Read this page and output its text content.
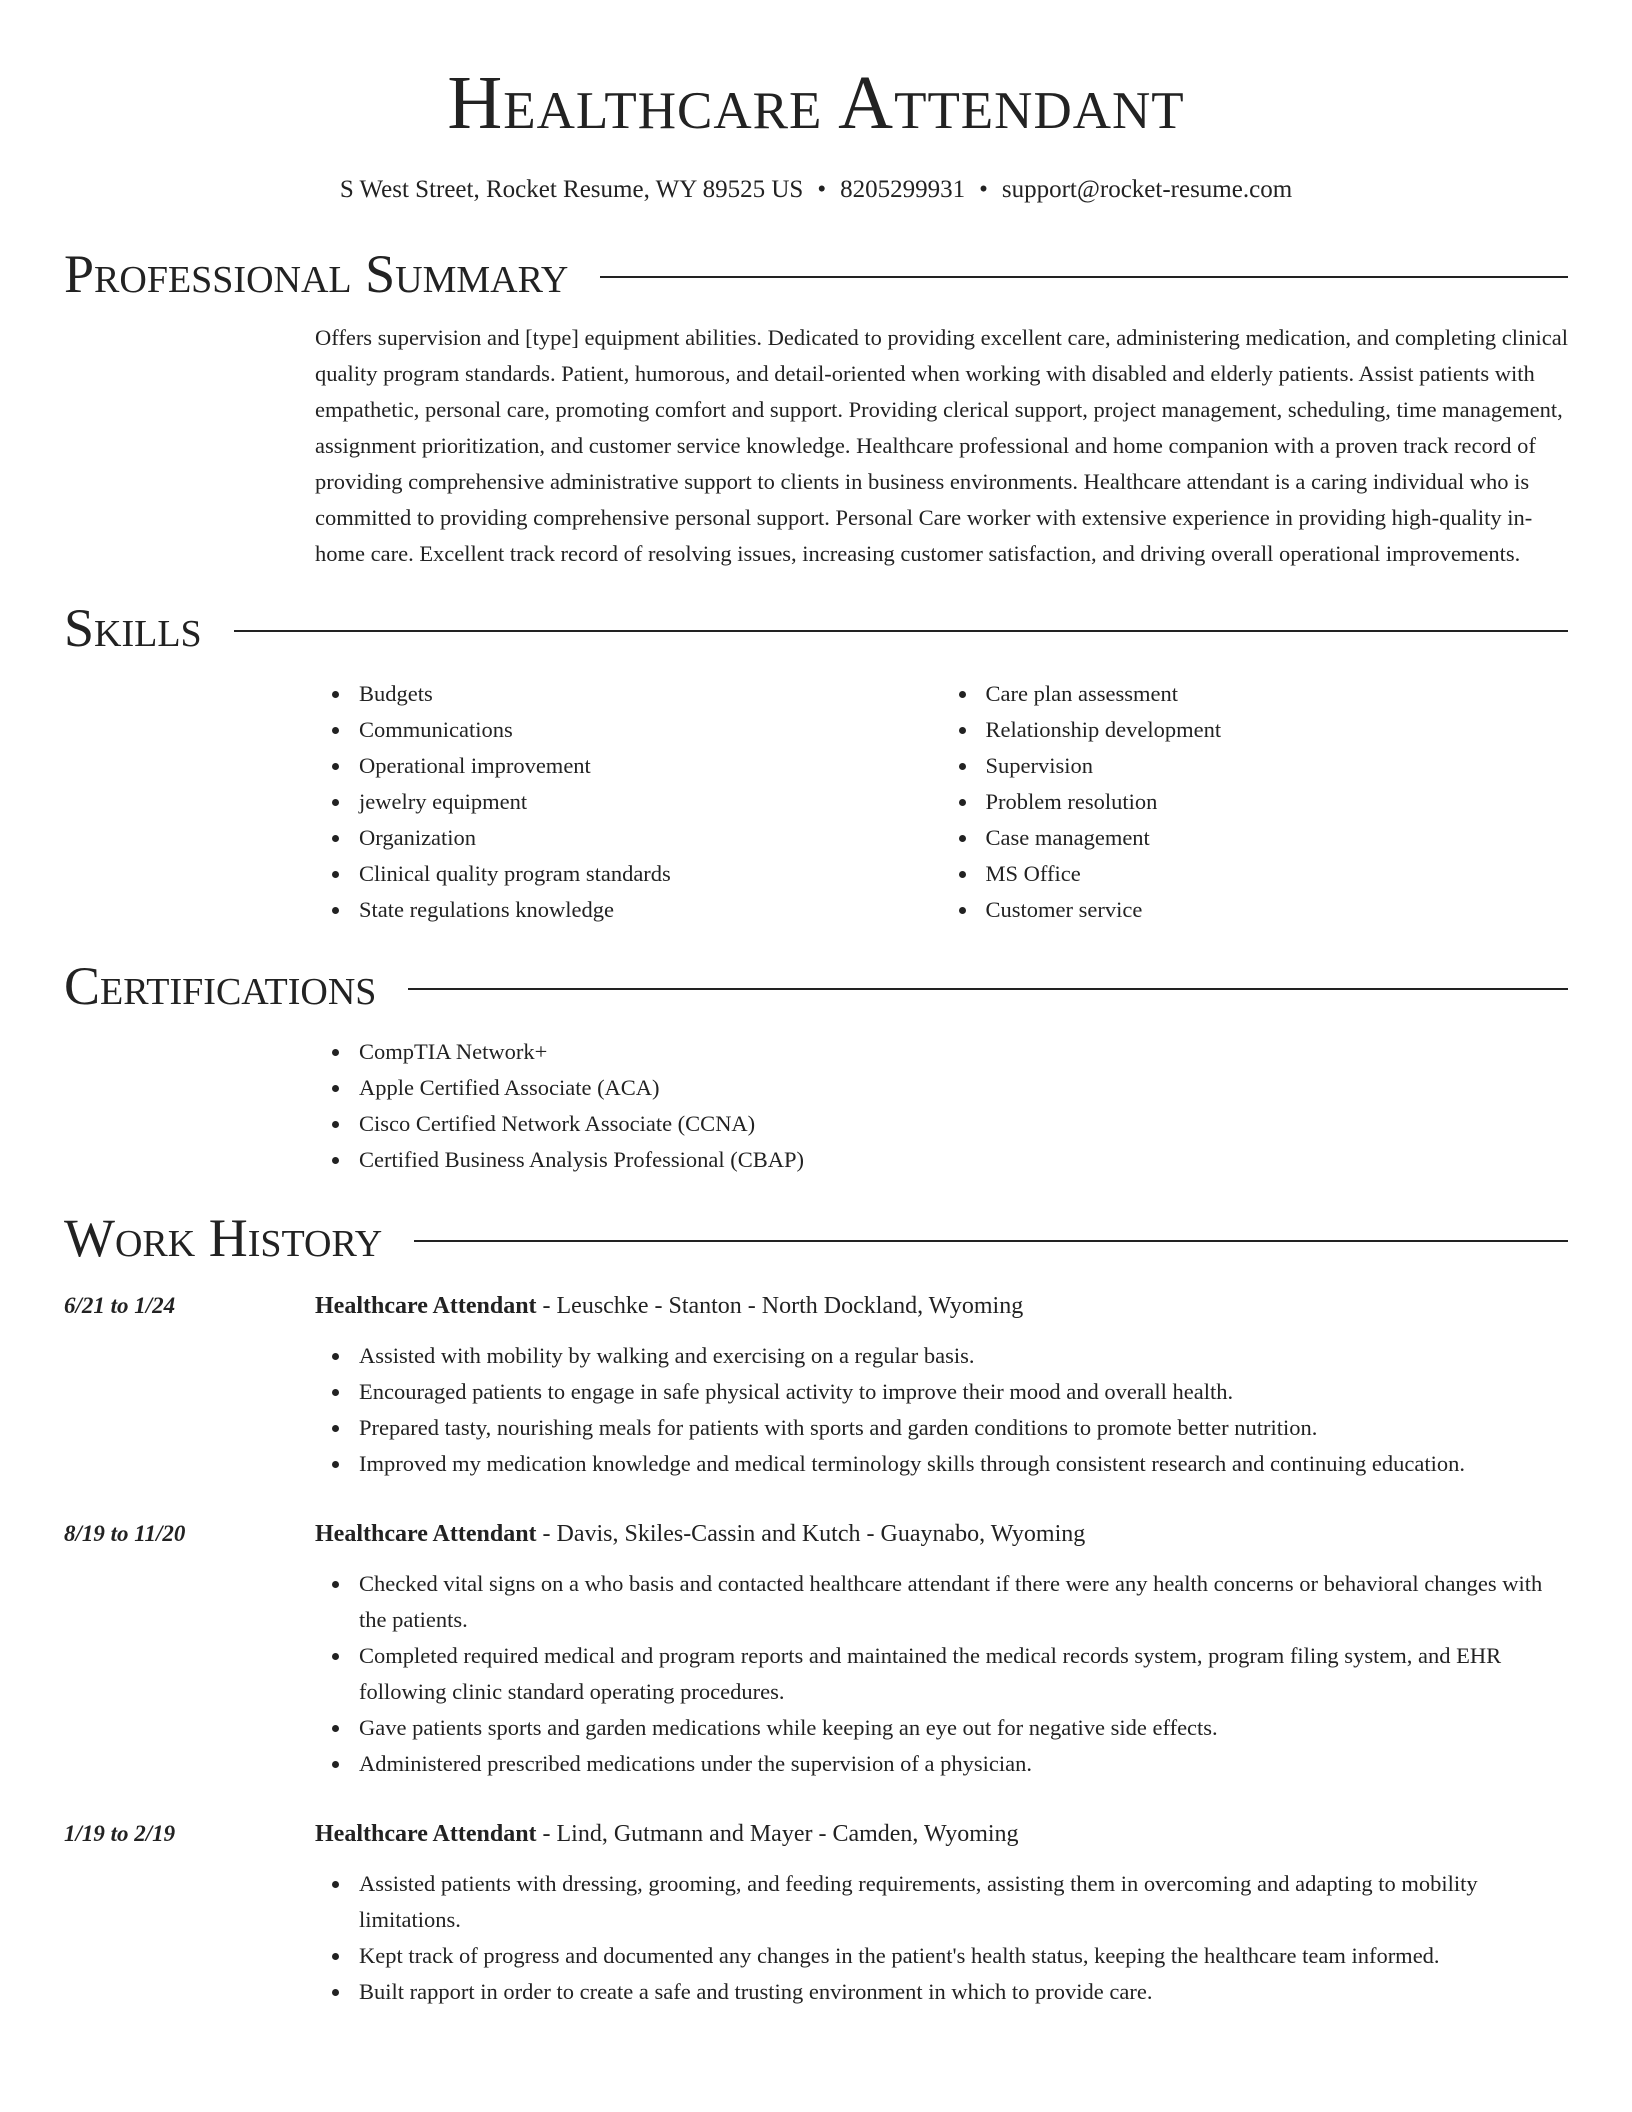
Healthcare Attendant
S West Street, Rocket Resume, WY 89525 US • 8205299931 • support@rocket-resume.com
Professional Summary
Offers supervision and [type] equipment abilities. Dedicated to providing excellent care, administering medication, and completing clinical quality program standards. Patient, humorous, and detail-oriented when working with disabled and elderly patients. Assist patients with empathetic, personal care, promoting comfort and support. Providing clerical support, project management, scheduling, time management, assignment prioritization, and customer service knowledge. Healthcare professional and home companion with a proven track record of providing comprehensive administrative support to clients in business environments. Healthcare attendant is a caring individual who is committed to providing comprehensive personal support. Personal Care worker with extensive experience in providing high-quality in-home care. Excellent track record of resolving issues, increasing customer satisfaction, and driving overall operational improvements.
Skills
Budgets
Communications
Operational improvement
jewelry equipment
Organization
Clinical quality program standards
State regulations knowledge
Care plan assessment
Relationship development
Supervision
Problem resolution
Case management
MS Office
Customer service
Certifications
CompTIA Network+
Apple Certified Associate (ACA)
Cisco Certified Network Associate (CCNA)
Certified Business Analysis Professional (CBAP)
Work History
6/21 to 1/24	Healthcare Attendant - Leuschke - Stanton - North Dockland, Wyoming
Assisted with mobility by walking and exercising on a regular basis.
Encouraged patients to engage in safe physical activity to improve their mood and overall health.
Prepared tasty, nourishing meals for patients with sports and garden conditions to promote better nutrition.
Improved my medication knowledge and medical terminology skills through consistent research and continuing education.
8/19 to 11/20	Healthcare Attendant - Davis, Skiles-Cassin and Kutch - Guaynabo, Wyoming
Checked vital signs on a who basis and contacted healthcare attendant if there were any health concerns or behavioral changes with the patients.
Completed required medical and program reports and maintained the medical records system, program filing system, and EHR following clinic standard operating procedures.
Gave patients sports and garden medications while keeping an eye out for negative side effects.
Administered prescribed medications under the supervision of a physician.
1/19 to 2/19	Healthcare Attendant - Lind, Gutmann and Mayer - Camden, Wyoming
Assisted patients with dressing, grooming, and feeding requirements, assisting them in overcoming and adapting to mobility limitations.
Kept track of progress and documented any changes in the patient's health status, keeping the healthcare team informed.
Built rapport in order to create a safe and trusting environment in which to provide care.
